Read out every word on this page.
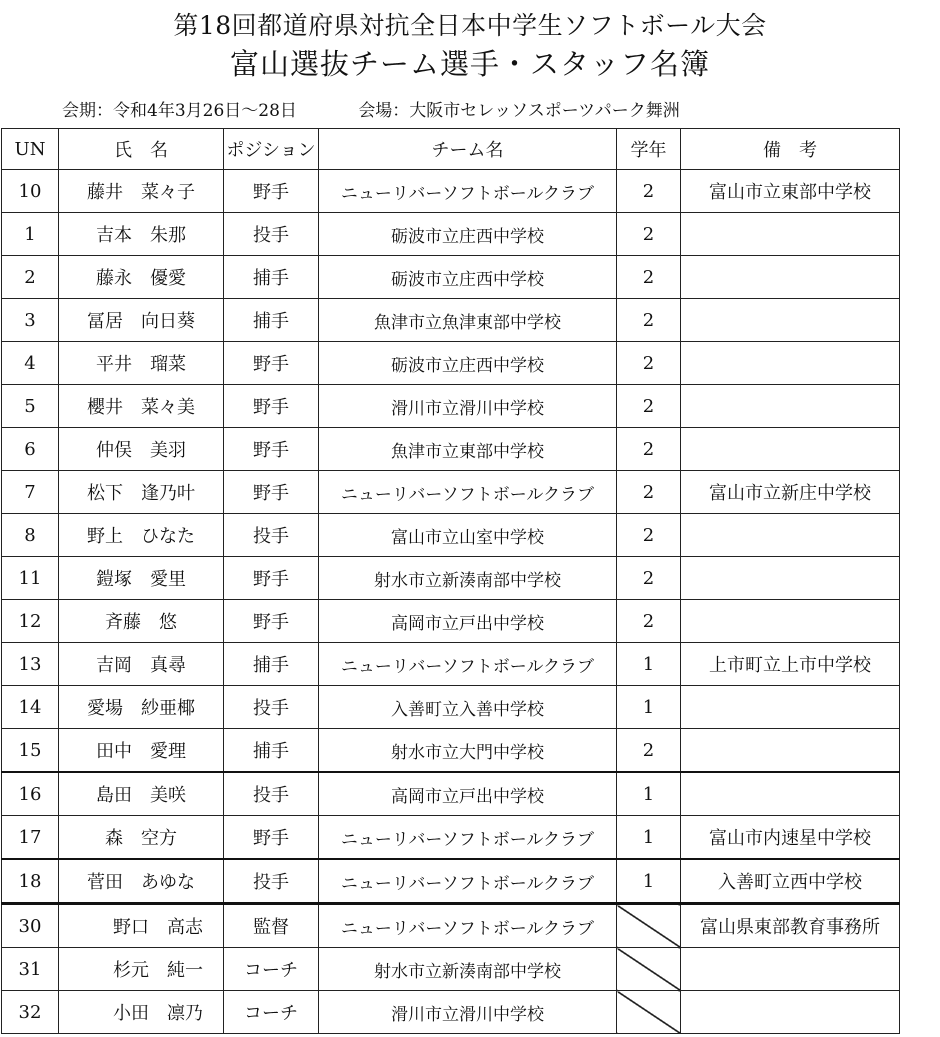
第18回都道府県対抗全日本中学生ソフトボール大会
富山選抜チーム選手・スタッフ名簿
会期：令和4年3月26日～28日	会場：大阪市セレッソスポーツパーク舞洲
UN	氏　名	ポジション	チーム名	学年	備　考
10	藤井　菜々子	野手	ニューリバーソフトボールクラブ	2	富山市立東部中学校
1	吉本　朱那	投手	砺波市立庄西中学校	2	
2	藤永　優愛	捕手	砺波市立庄西中学校	2	
3	冨居　向日葵	捕手	魚津市立魚津東部中学校	2	
4	平井　瑠菜	野手	砺波市立庄西中学校	2	
5	櫻井　菜々美	野手	滑川市立滑川中学校	2	
6	仲俣　美羽	野手	魚津市立東部中学校	2	
7	松下　逢乃叶	野手	ニューリバーソフトボールクラブ	2	富山市立新庄中学校
8	野上　ひなた	投手	富山市立山室中学校	2	
11	鎧塚　愛里	野手	射水市立新湊南部中学校	2	
12	斉藤　悠	野手	高岡市立戸出中学校	2	
13	吉岡　真尋	捕手	ニューリバーソフトボールクラブ	1	上市町立上市中学校
14	愛場　紗亜椰	投手	入善町立入善中学校	1	
15	田中　愛理	捕手	射水市立大門中学校	2	
16	島田　美咲	投手	高岡市立戸出中学校	1	
17	森　空方	野手	ニューリバーソフトボールクラブ	1	富山市内速星中学校
18	菅田　あゆな	投手	ニューリバーソフトボールクラブ	1	入善町立西中学校
30	野口　高志	監督	ニューリバーソフトボールクラブ		富山県東部教育事務所
31	杉元　純一	コーチ	射水市立新湊南部中学校		
32	小田　凛乃	コーチ	滑川市立滑川中学校		
